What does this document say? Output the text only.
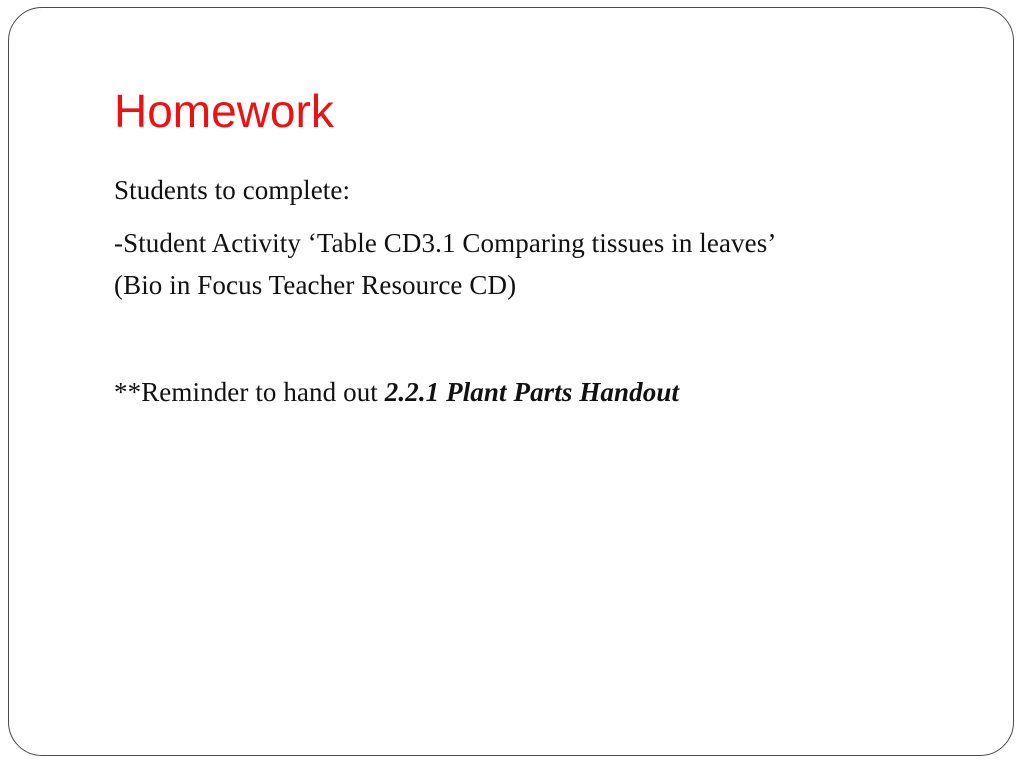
Homework
Students to complete:
-Student Activity ‘Table CD3.1 Comparing tissues in leaves’
(Bio in Focus Teacher Resource CD)
**Reminder to hand out 2.2.1 Plant Parts Handout
